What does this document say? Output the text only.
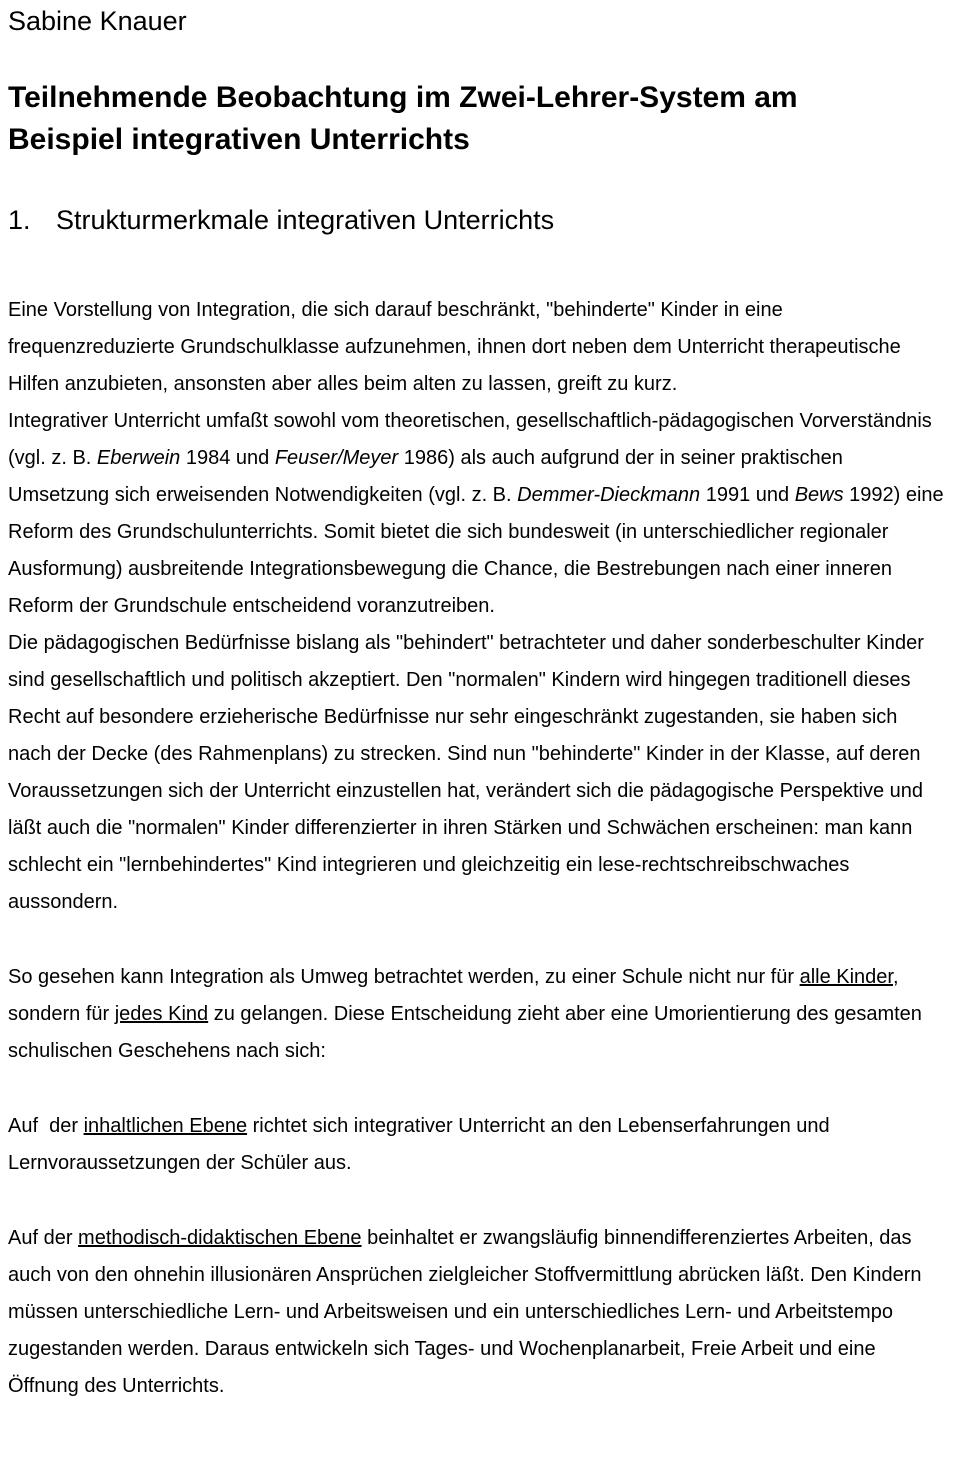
Sabine Knauer
Teilnehmende Beobachtung im Zwei-Lehrer-System am Beispiel integrativen Unterrichts
1. Strukturmerkmale integrativen Unterrichts

Eine Vorstellung von Integration, die sich darauf beschränkt, "behinderte" Kinder in eine frequenzreduzierte Grundschulklasse aufzunehmen, ihnen dort neben dem Unterricht therapeutische Hilfen anzubieten, ansonsten aber alles beim alten zu lassen, greift zu kurz.

Integrativer Unterricht umfaßt sowohl vom theoretischen, gesellschaftlich-pädagogischen Vorverständnis (vgl. z. B. Eberwein 1984 und Feuser/Meyer 1986) als auch aufgrund der in seiner praktischen Umsetzung sich erweisenden Notwendigkeiten (vgl. z. B. Demmer-Dieckmann 1991 und Bews 1992) eine Reform des Grundschulunterrichts. Somit bietet die sich bundesweit (in unterschiedlicher regionaler Ausformung) ausbreitende Integrationsbewegung die Chance, die Bestrebungen nach einer inneren Reform der Grundschule entscheidend voranzutreiben.

Die pädagogischen Bedürfnisse bislang als "behindert" betrachteter und daher sonderbeschulter Kinder sind gesellschaftlich und politisch akzeptiert. Den "normalen" Kindern wird hingegen traditionell dieses Recht auf besondere erzieherische Bedürfnisse nur sehr eingeschränkt zugestanden, sie haben sich nach der Decke (des Rahmenplans) zu strecken. Sind nun "behinderte" Kinder in der Klasse, auf deren Voraussetzungen sich der Unterricht einzustellen hat, verändert sich die pädagogische Perspektive und läßt auch die "normalen" Kinder differenzierter in ihren Stärken und Schwächen erscheinen: man kann schlecht ein "lernbehindertes" Kind integrieren und gleichzeitig ein lese-rechtschreibschwaches aussondern.

So gesehen kann Integration als Umweg betrachtet werden, zu einer Schule nicht nur für alle Kinder, sondern für jedes Kind zu gelangen. Diese Entscheidung zieht aber eine Umorientierung des gesamten schulischen Geschehens nach sich:

Auf  der inhaltlichen Ebene richtet sich integrativer Unterricht an den Lebenserfahrungen und Lernvoraussetzungen der Schüler aus.

Auf der methodisch-didaktischen Ebene beinhaltet er zwangsläufig binnendifferenziertes Arbeiten, das auch von den ohnehin illusionären Ansprüchen zielgleicher Stoffvermittlung abrücken läßt. Den Kindern müssen unterschiedliche Lern- und Arbeitsweisen und ein unterschiedliches Lern- und Arbeitstempo zugestanden werden. Daraus entwickeln sich Tages- und Wochenplanarbeit, Freie Arbeit und eine Öffnung des Unterrichts.
